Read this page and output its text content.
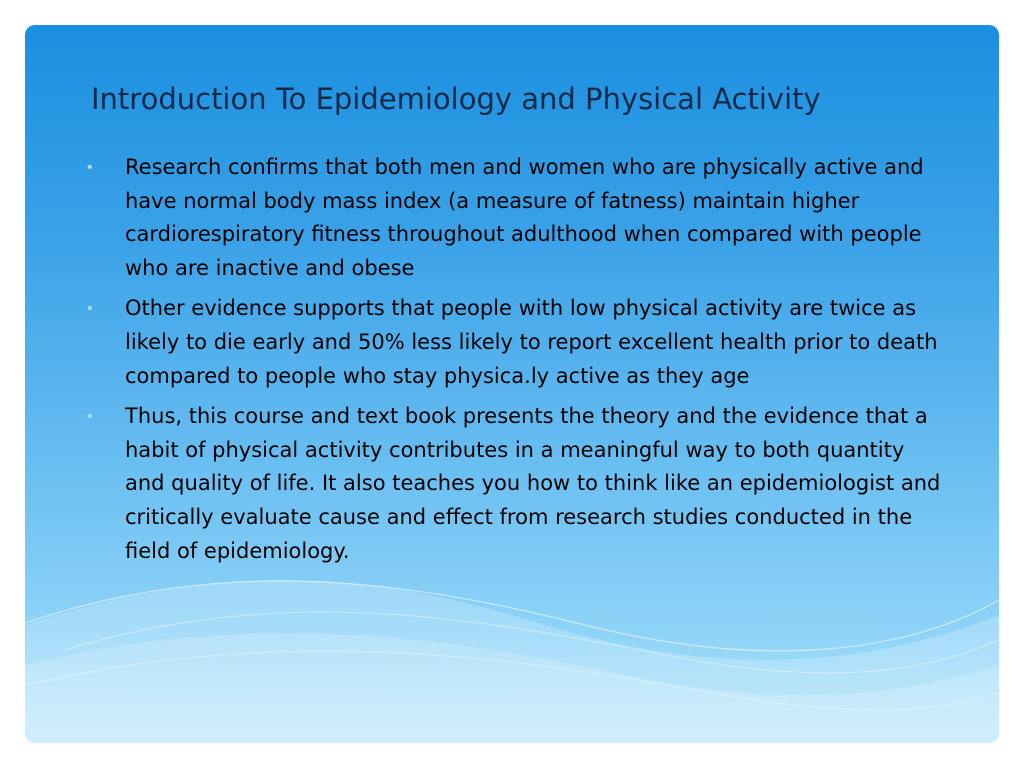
Introduction To Epidemiology and Physical Activity
• Research confirms that both men and women who are physically active and have normal body mass index (a measure of fatness) maintain higher cardiorespiratory fitness throughout adulthood when compared with people who are inactive and obese
• Other evidence supports that people with low physical activity are twice as likely to die early and 50% less likely to report excellent health prior to death compared to people who stay physica.ly active as they age
• Thus, this course and text book presents the theory and the evidence that a habit of physical activity contributes in a meaningful way to both quantity and quality of life. It also teaches you how to think like an epidemiologist and critically evaluate cause and effect from research studies conducted in the field of epidemiology.
